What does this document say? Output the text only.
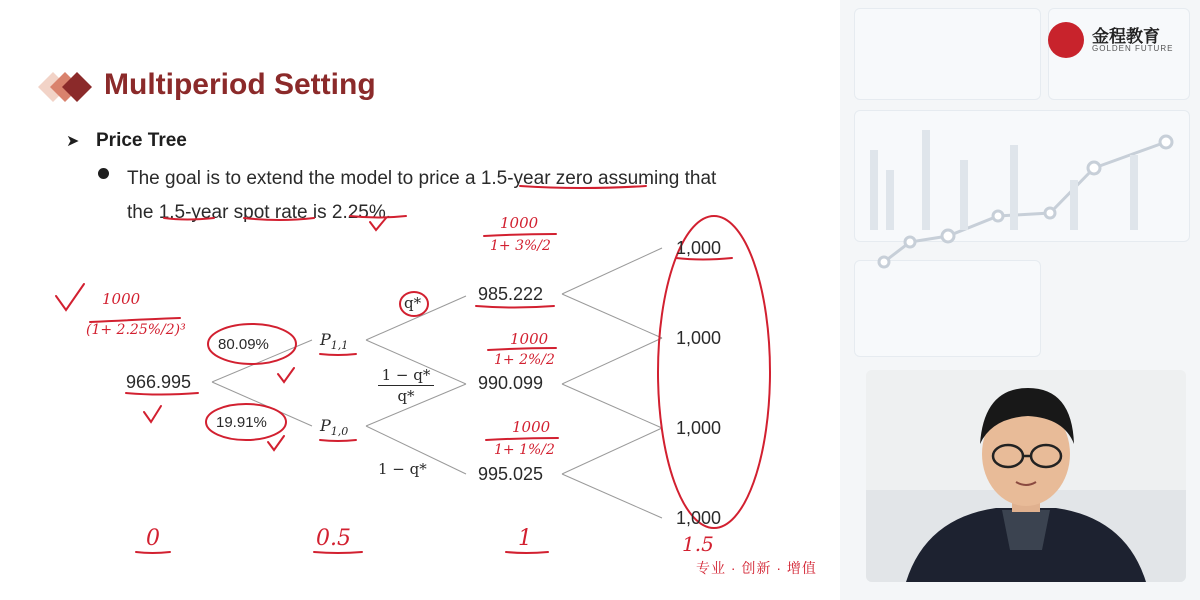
金程教育
GOLDEN FUTURE
Multiperiod Setting
➤ Price Tree
The goal is to extend the model to price a 1.5-year zero assuming that
the 1.5-year spot rate is 2.25%.
966.995
$P_{1,1}$
$P_{1,0}$
q*
1 − q*
q*
1 − q*
985.222
990.099
995.025
1,000
1,000
1,000
1,000
80.09%
19.91%
1000
(1+ 2.25%/2)³
1000
1+ 3%/2
1000
1+ 2%/2
1000
1+ 1%/2
0	0.5	1	1.5
专业 · 创新 · 增值
